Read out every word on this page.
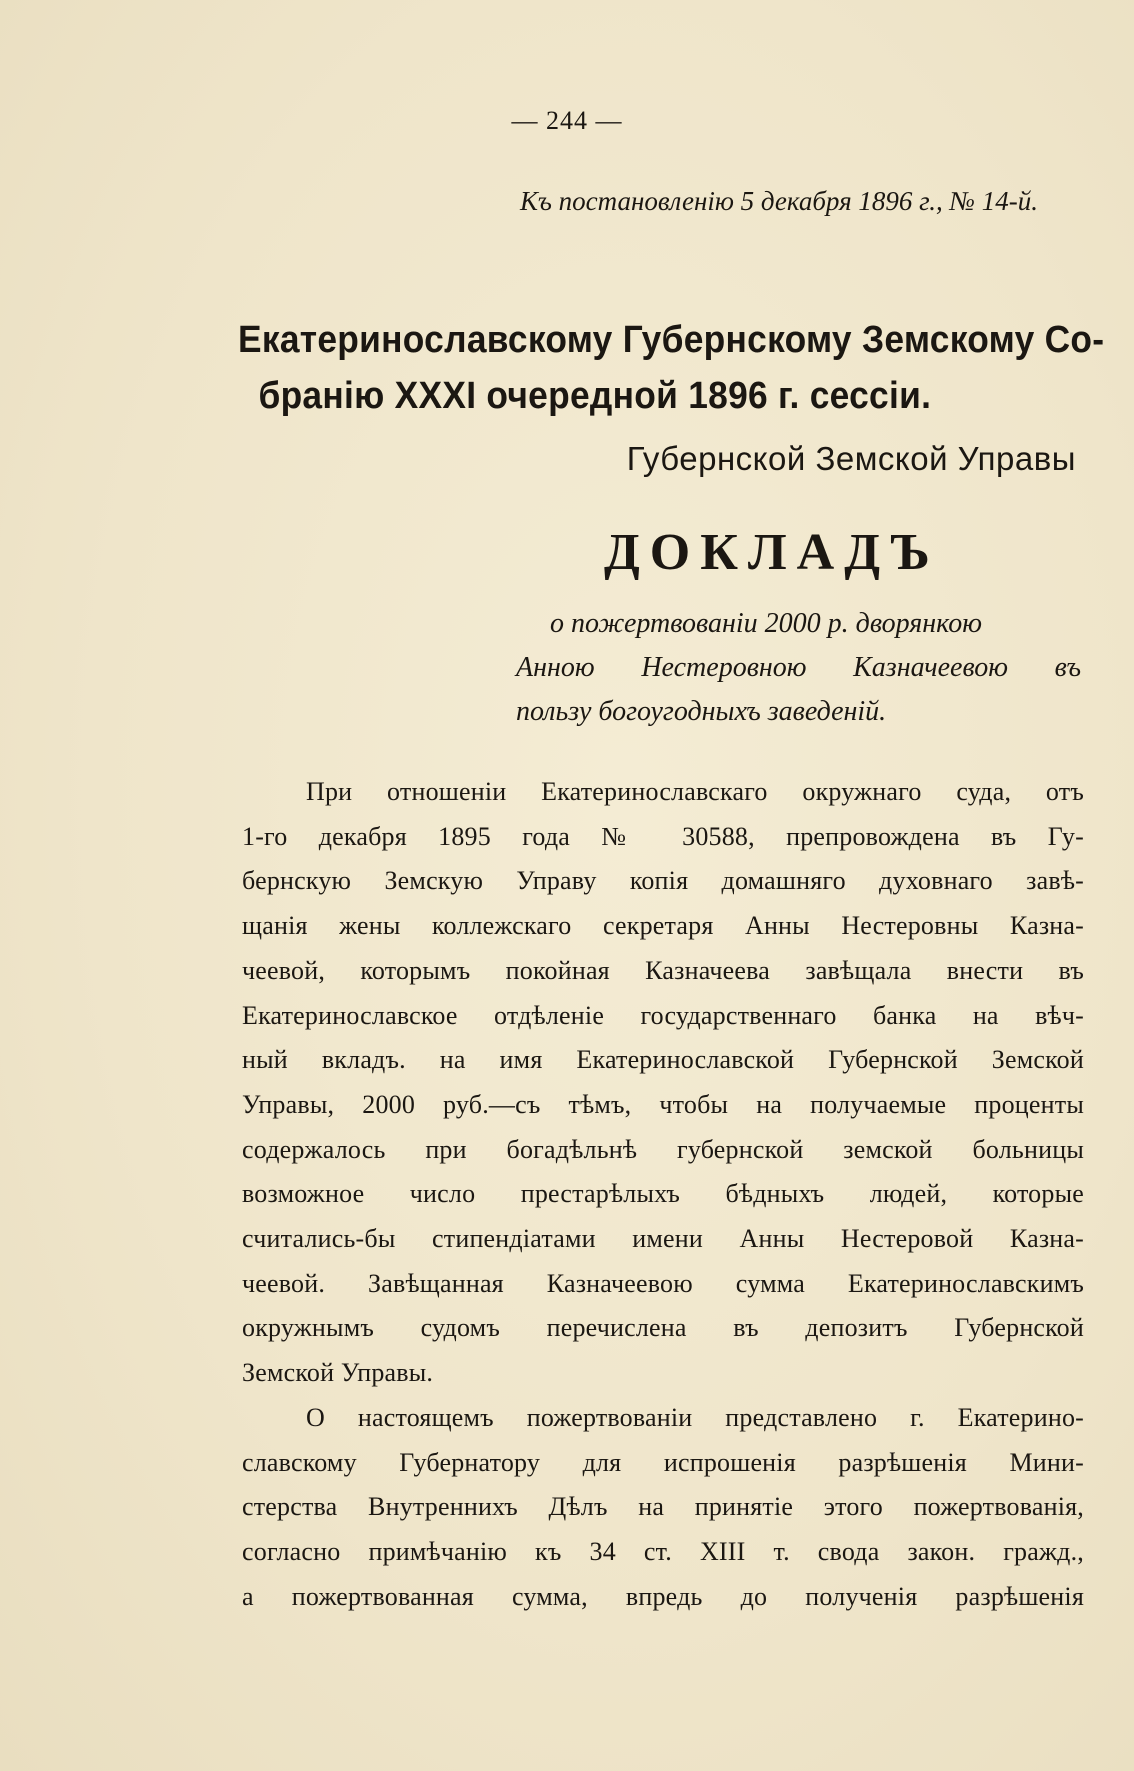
— 244 —
Къ постановленію 5 декабря 1896 г., № 14-й.
Екатеринославскому Губернскому Земскому Со-
бранію XXXI очередной 1896 г. сессіи.
Губернской Земской Управы
ДОКЛАДЪ
о пожертвованіи 2000 р. дворянкою
Анною Нестеровною Казначеевою въ
пользу богоугодныхъ заведеній.
При отношеніи Екатеринославскаго окружнаго суда, отъ
1-го декабря 1895 года № 30588, препровождена въ Гу-
бернскую Земскую Управу копія домашняго духовнаго завѣ-
щанія жены коллежскаго секретаря Анны Нестеровны Казна-
чеевой, которымъ покойная Казначеева завѣщала внести въ
Екатеринославское отдѣленіе государственнаго банка на вѣч-
ный вкладъ. на имя Екатеринославской Губернской Земской
Управы, 2000 руб.—съ тѣмъ, чтобы на получаемые проценты
содержалось при богадѣльнѣ губернской земской больницы
возможное число престарѣлыхъ бѣдныхъ людей, которые
считались-бы стипендіатами имени Анны Нестеровой Казна-
чеевой. Завѣщанная Казначеевою сумма Екатеринославскимъ
окружнымъ судомъ перечислена въ депозитъ Губернской
Земской Управы.
О настоящемъ пожертвованіи представлено г. Екатерино-
славскому Губернатору для испрошенія разрѣшенія Мини-
стерства Внутреннихъ Дѣлъ на принятіе этого пожертвованія,
согласно примѣчанію къ 34 ст. XIII т. свода закон. гражд.,
а пожертвованная сумма, впредь до полученія разрѣшенія
